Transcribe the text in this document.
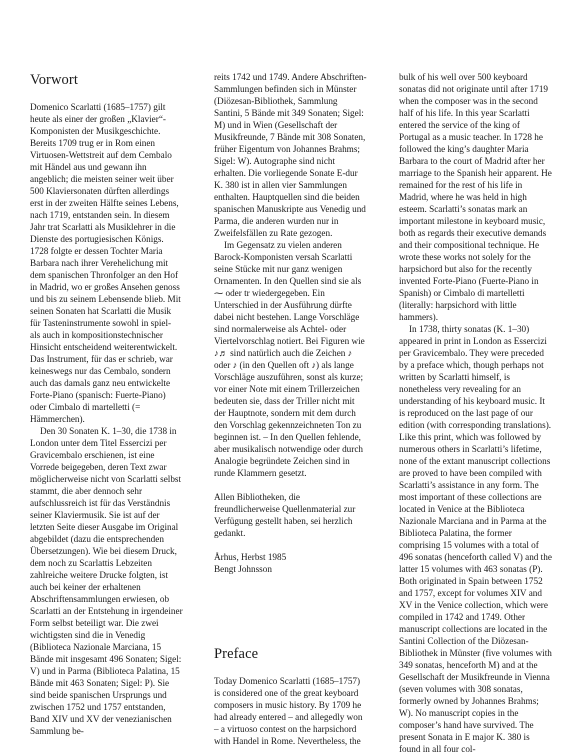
Vorwort

Domenico Scarlatti (1685–1757) gilt heute als einer der großen „Klavier“-Komponisten der Musikgeschichte. Bereits 1709 trug er in Rom einen Virtuosen-Wettstreit auf dem Cembalo mit Händel aus und gewann ihn angeblich; die meisten seiner weit über 500 Klaviersonaten dürften allerdings erst in der zweiten Hälfte seines Lebens, nach 1719, entstanden sein. In diesem Jahr trat Scarlatti als Musiklehrer in die Dienste des portugiesischen Königs. 1728 folgte er dessen Tochter Maria Barbara nach ihrer Verehelichung mit dem spanischen Thronfolger an den Hof in Madrid, wo er großes Ansehen genoss und bis zu seinem Lebensende blieb. Mit seinen Sonaten hat Scarlatti die Musik für Tasteninstrumente sowohl in spiel- als auch in kompositionstechnischer Hinsicht entscheidend weiterentwickelt. Das Instrument, für das er schrieb, war keineswegs nur das Cembalo, sondern auch das damals ganz neu entwickelte Forte-Piano (spanisch: Fuerte-Piano) oder Cimbalo di martelletti (= Hämmerchen).

Den 30 Sonaten K. 1–30, die 1738 in London unter dem Titel Essercizi per Gravicembalo erschienen, ist eine Vorrede beigegeben, deren Text zwar möglicherweise nicht von Scarlatti selbst stammt, die aber dennoch sehr aufschlussreich ist für das Verständnis seiner Klaviermusik. Sie ist auf der letzten Seite dieser Ausgabe im Original abgebildet (dazu die entsprechenden Übersetzungen). Wie bei diesem Druck, dem noch zu Scarlattis Lebzeiten zahlreiche weitere Drucke folgten, ist auch bei keiner der erhaltenen Abschriftensammlungen erwiesen, ob Scarlatti an der Entstehung in irgendeiner Form selbst beteiligt war. Die zwei wichtigsten sind die in Venedig (Biblioteca Nazionale Marciana, 15 Bände mit insgesamt 496 Sonaten; Sigel: V) und in Parma (Biblioteca Palatina, 15 Bände mit 463 Sonaten; Sigel: P). Sie sind beide spanischen Ursprungs und zwischen 1752 und 1757 entstanden, Band XIV und XV der venezianischen Sammlung be-

reits 1742 und 1749. Andere Abschriften-Sammlungen befinden sich in Münster (Diözesan-Bibliothek, Sammlung Santini, 5 Bände mit 349 Sonaten; Sigel: M) und in Wien (Gesellschaft der Musikfreunde, 7 Bände mit 308 Sonaten, früher Eigentum von Johannes Brahms; Sigel: W). Autographe sind nicht erhalten. Die vorliegende Sonate E-dur K. 380 ist in allen vier Sammlungen enthalten. Hauptquellen sind die beiden spanischen Manuskripte aus Venedig und Parma, die anderen wurden nur in Zweifelsfällen zu Rate gezogen.

Im Gegensatz zu vielen anderen Barock-Komponisten versah Scarlatti seine Stücke mit nur ganz wenigen Ornamenten. In den Quellen sind sie als ⁓ oder tr wiedergegeben. Ein Unterschied in der Ausführung dürfte dabei nicht bestehen. Lange Vorschläge sind normalerweise als Achtel- oder Viertelvorschlag notiert. Bei Figuren wie ♪♬ sind natürlich auch die Zeichen ♪ oder ♪ (in den Quellen oft ♪) als lange Vorschläge auszuführen, sonst als kurze; vor einer Note mit einem Trillerzeichen bedeuten sie, dass der Triller nicht mit der Hauptnote, sondern mit dem durch den Vorschlag gekennzeichneten Ton zu beginnen ist. – In den Quellen fehlende, aber musikalisch notwendige oder durch Analogie begründete Zeichen sind in runde Klammern gesetzt.

Allen Bibliotheken, die freundlicherweise Quellenmaterial zur Verfügung gestellt haben, sei herzlich gedankt.

Århus, Herbst 1985

Bengt Johnsson

Preface

Today Domenico Scarlatti (1685–1757) is considered one of the great keyboard composers in music history. By 1709 he had already entered – and allegedly won – a virtuoso contest on the harpsichord with Handel in Rome. Nevertheless, the

bulk of his well over 500 keyboard sonatas did not originate until after 1719 when the composer was in the second half of his life. In this year Scarlatti entered the service of the king of Portugal as a music teacher. In 1728 he followed the king’s daughter Maria Barbara to the court of Madrid after her marriage to the Spanish heir apparent. He remained for the rest of his life in Madrid, where he was held in high esteem. Scarlatti’s sonatas mark an important milestone in keyboard music, both as regards their executive demands and their compositional technique. He wrote these works not solely for the harpsichord but also for the recently invented Forte-Piano (Fuerte-Piano in Spanish) or Cimbalo di martelletti (literally: harpsichord with little hammers).

In 1738, thirty sonatas (K. 1–30) appeared in print in London as Essercizi per Gravicembalo. They were preceded by a preface which, though perhaps not written by Scarlatti himself, is nonetheless very revealing for an understanding of his keyboard music. It is reproduced on the last page of our edition (with corresponding translations). Like this print, which was followed by numerous others in Scarlatti’s lifetime, none of the extant manuscript collections are proved to have been compiled with Scarlatti’s assistance in any form. The most important of these collections are located in Venice at the Biblioteca Nazionale Marciana and in Parma at the Biblioteca Palatina, the former comprising 15 volumes with a total of 496 sonatas (henceforth called V) and the latter 15 volumes with 463 sonatas (P). Both originated in Spain between 1752 and 1757, except for volumes XIV and XV in the Venice collection, which were compiled in 1742 and 1749. Other manuscript collections are located in the Santini Collection of the Diözesan-Bibliothek in Münster (five volumes with 349 sonatas, henceforth M) and at the Gesellschaft der Musikfreunde in Vienna (seven volumes with 308 sonatas, formerly owned by Johannes Brahms; W). No manuscript copies in the composer’s hand have survived. The present Sonata in E major K. 380 is found in all four col-
